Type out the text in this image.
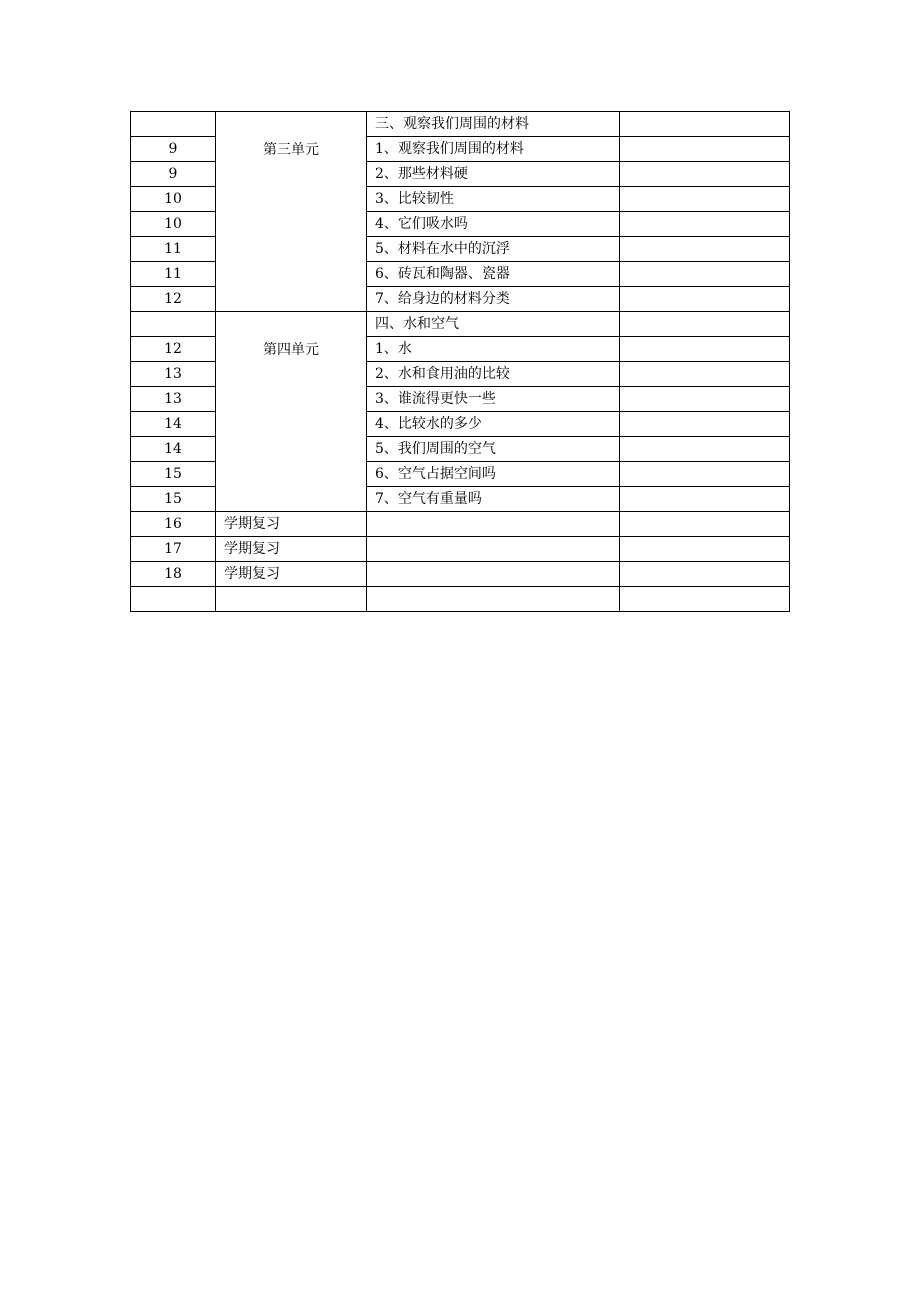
	第三单元	三、观察我们周围的材料	
9		1、观察我们周围的材料	
9		2、那些材料硬	
10		3、比较韧性	
10		4、它们吸水吗	
11		5、材料在水中的沉浮	
11		6、砖瓦和陶器、瓷器	
12		7、给身边的材料分类	
	第四单元	四、水和空气	
12		1、水	
13		2、水和食用油的比较	
13		3、谁流得更快一些	
14		4、比较水的多少	
14		5、我们周围的空气	
15		6、空气占据空间吗	
15		7、空气有重量吗	
16	学期复习		
17	学期复习		
18	学期复习		
